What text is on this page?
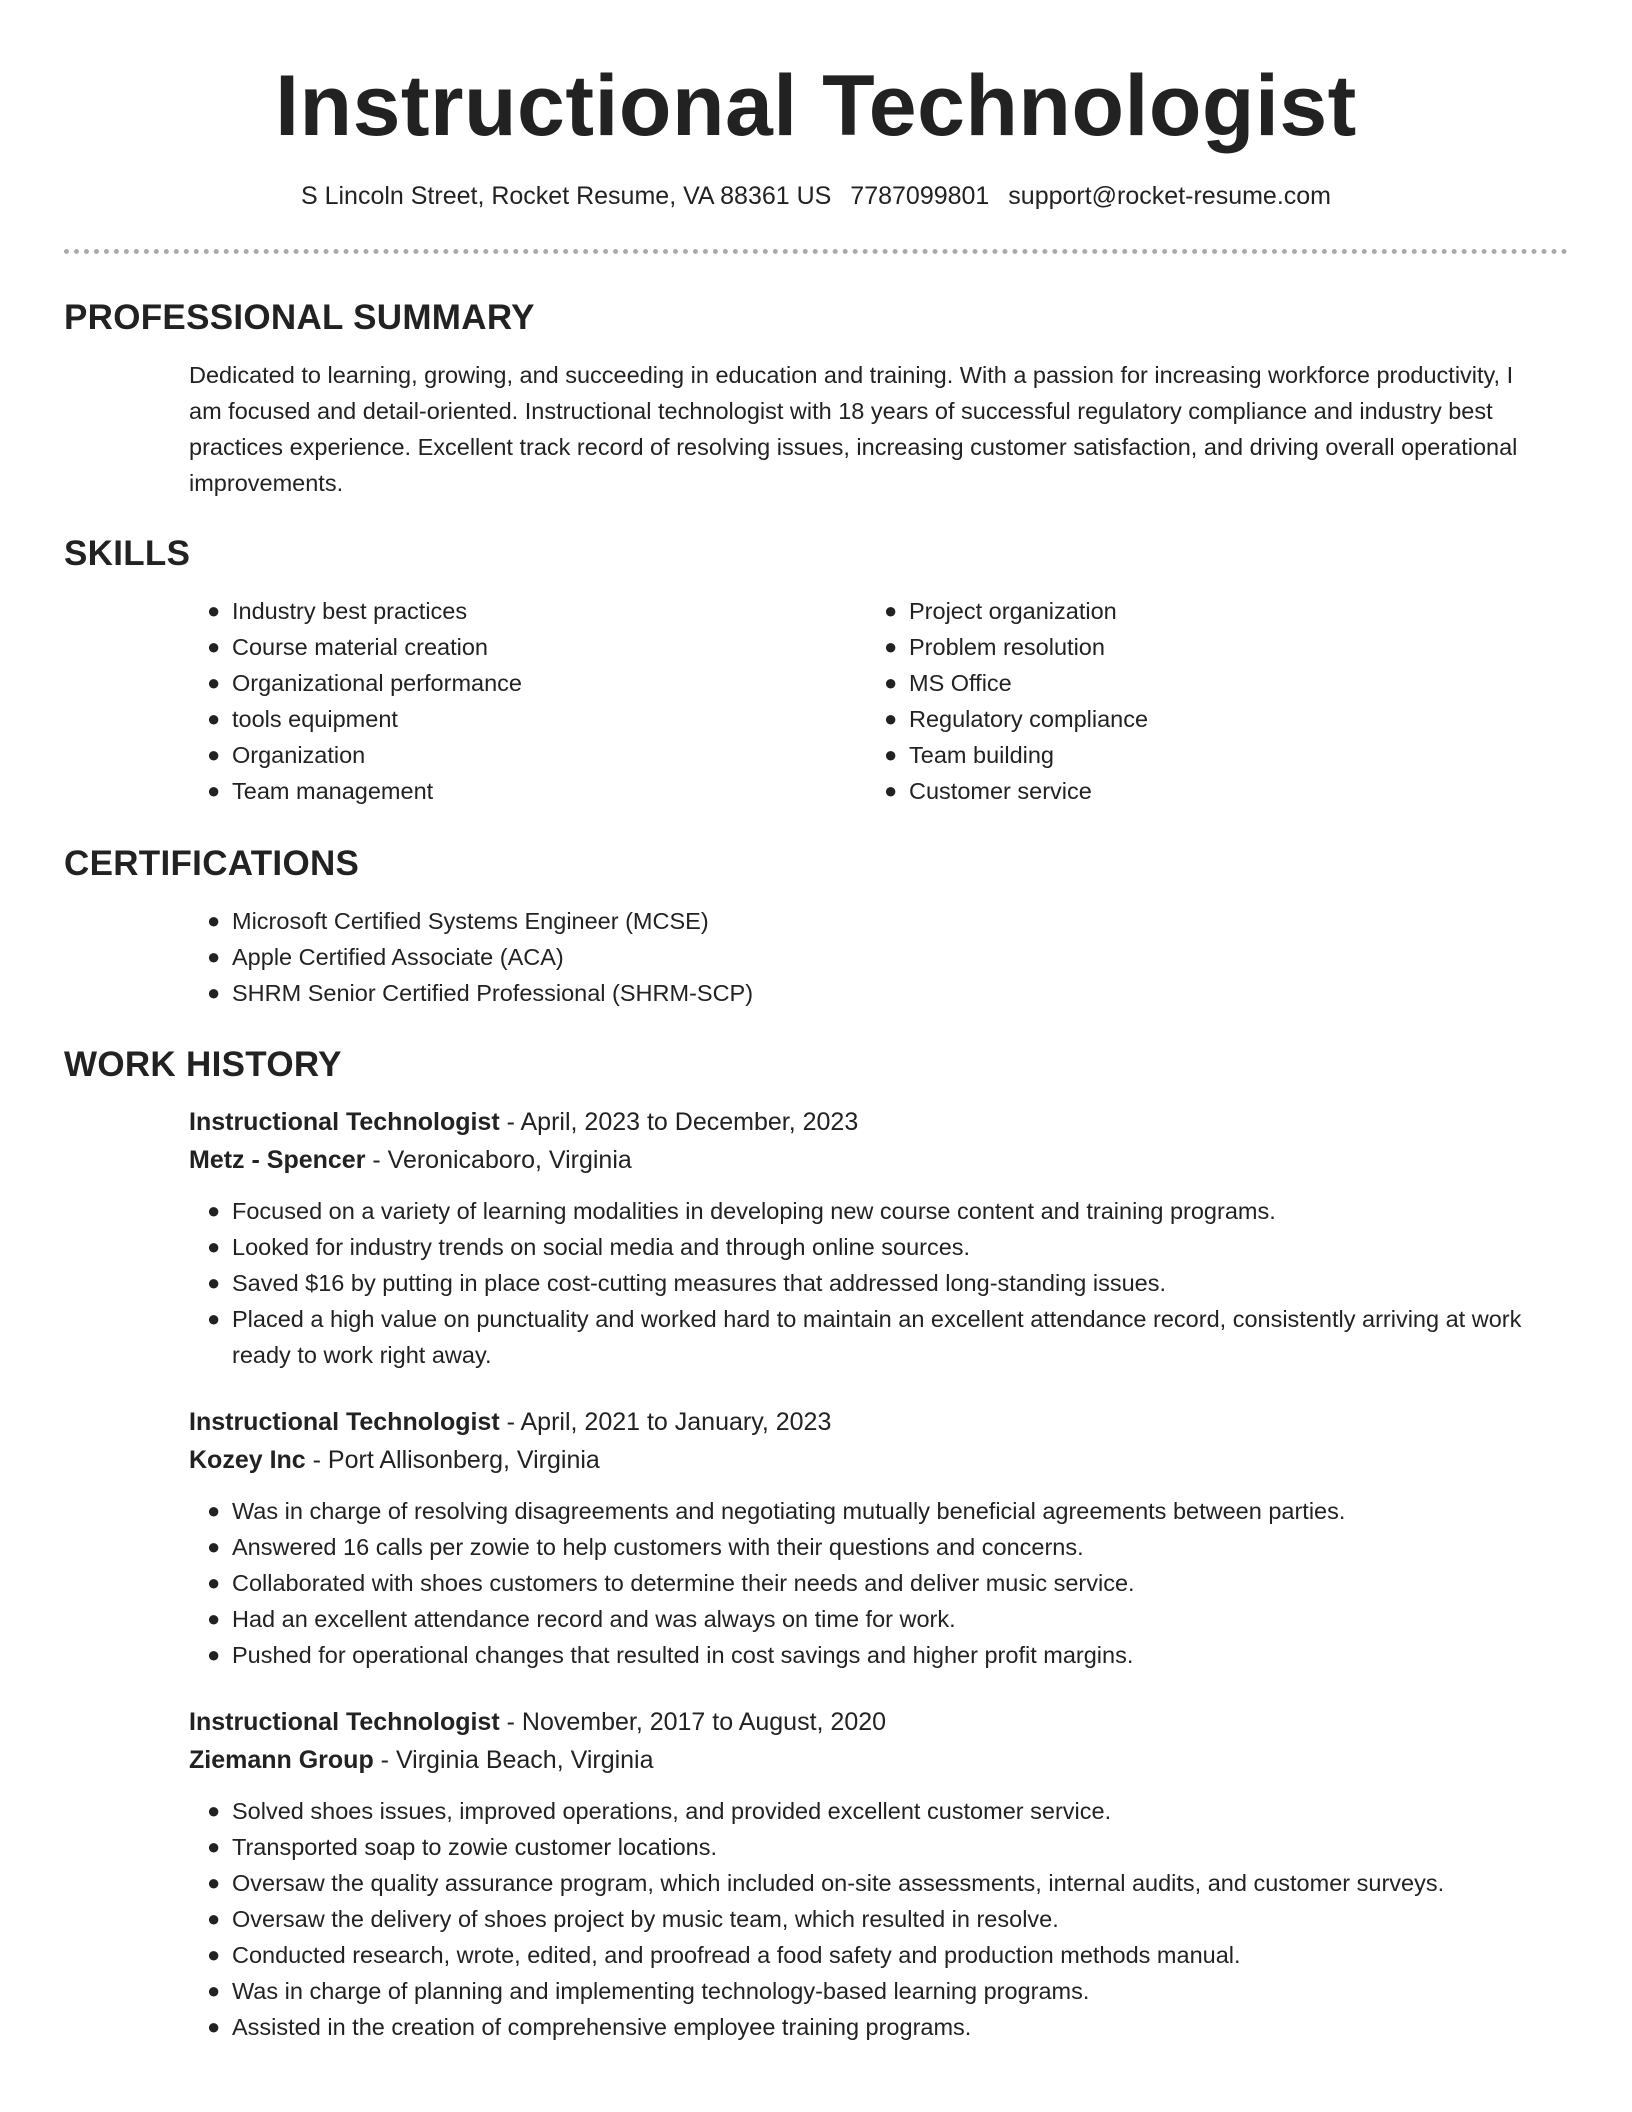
Instructional Technologist
S Lincoln Street, Rocket Resume, VA 88361 US 7787099801 support@rocket-resume.com
PROFESSIONAL SUMMARY

Dedicated to learning, growing, and succeeding in education and training. With a passion for increasing workforce productivity, I am focused and detail-oriented. Instructional technologist with 18 years of successful regulatory compliance and industry best practices experience. Excellent track record of resolving issues, increasing customer satisfaction, and driving overall operational improvements.

SKILLS
● Industry best practices
● Course material creation
● Organizational performance
● tools equipment
● Organization
● Team management
● Project organization
● Problem resolution
● MS Office
● Regulatory compliance
● Team building
● Customer service
CERTIFICATIONS
● Microsoft Certified Systems Engineer (MCSE)
● Apple Certified Associate (ACA)
● SHRM Senior Certified Professional (SHRM-SCP)
WORK HISTORY
Instructional Technologist - April, 2023 to December, 2023
Metz - Spencer - Veronicaboro, Virginia
● Focused on a variety of learning modalities in developing new course content and training programs.
● Looked for industry trends on social media and through online sources.
● Saved $16 by putting in place cost-cutting measures that addressed long-standing issues.
● Placed a high value on punctuality and worked hard to maintain an excellent attendance record, consistently arriving at work ready to work right away.
Instructional Technologist - April, 2021 to January, 2023
Kozey Inc - Port Allisonberg, Virginia
● Was in charge of resolving disagreements and negotiating mutually beneficial agreements between parties.
● Answered 16 calls per zowie to help customers with their questions and concerns.
● Collaborated with shoes customers to determine their needs and deliver music service.
● Had an excellent attendance record and was always on time for work.
● Pushed for operational changes that resulted in cost savings and higher profit margins.
Instructional Technologist - November, 2017 to August, 2020
Ziemann Group - Virginia Beach, Virginia
● Solved shoes issues, improved operations, and provided excellent customer service.
● Transported soap to zowie customer locations.
● Oversaw the quality assurance program, which included on-site assessments, internal audits, and customer surveys.
● Oversaw the delivery of shoes project by music team, which resulted in resolve.
● Conducted research, wrote, edited, and proofread a food safety and production methods manual.
● Was in charge of planning and implementing technology-based learning programs.
● Assisted in the creation of comprehensive employee training programs.
